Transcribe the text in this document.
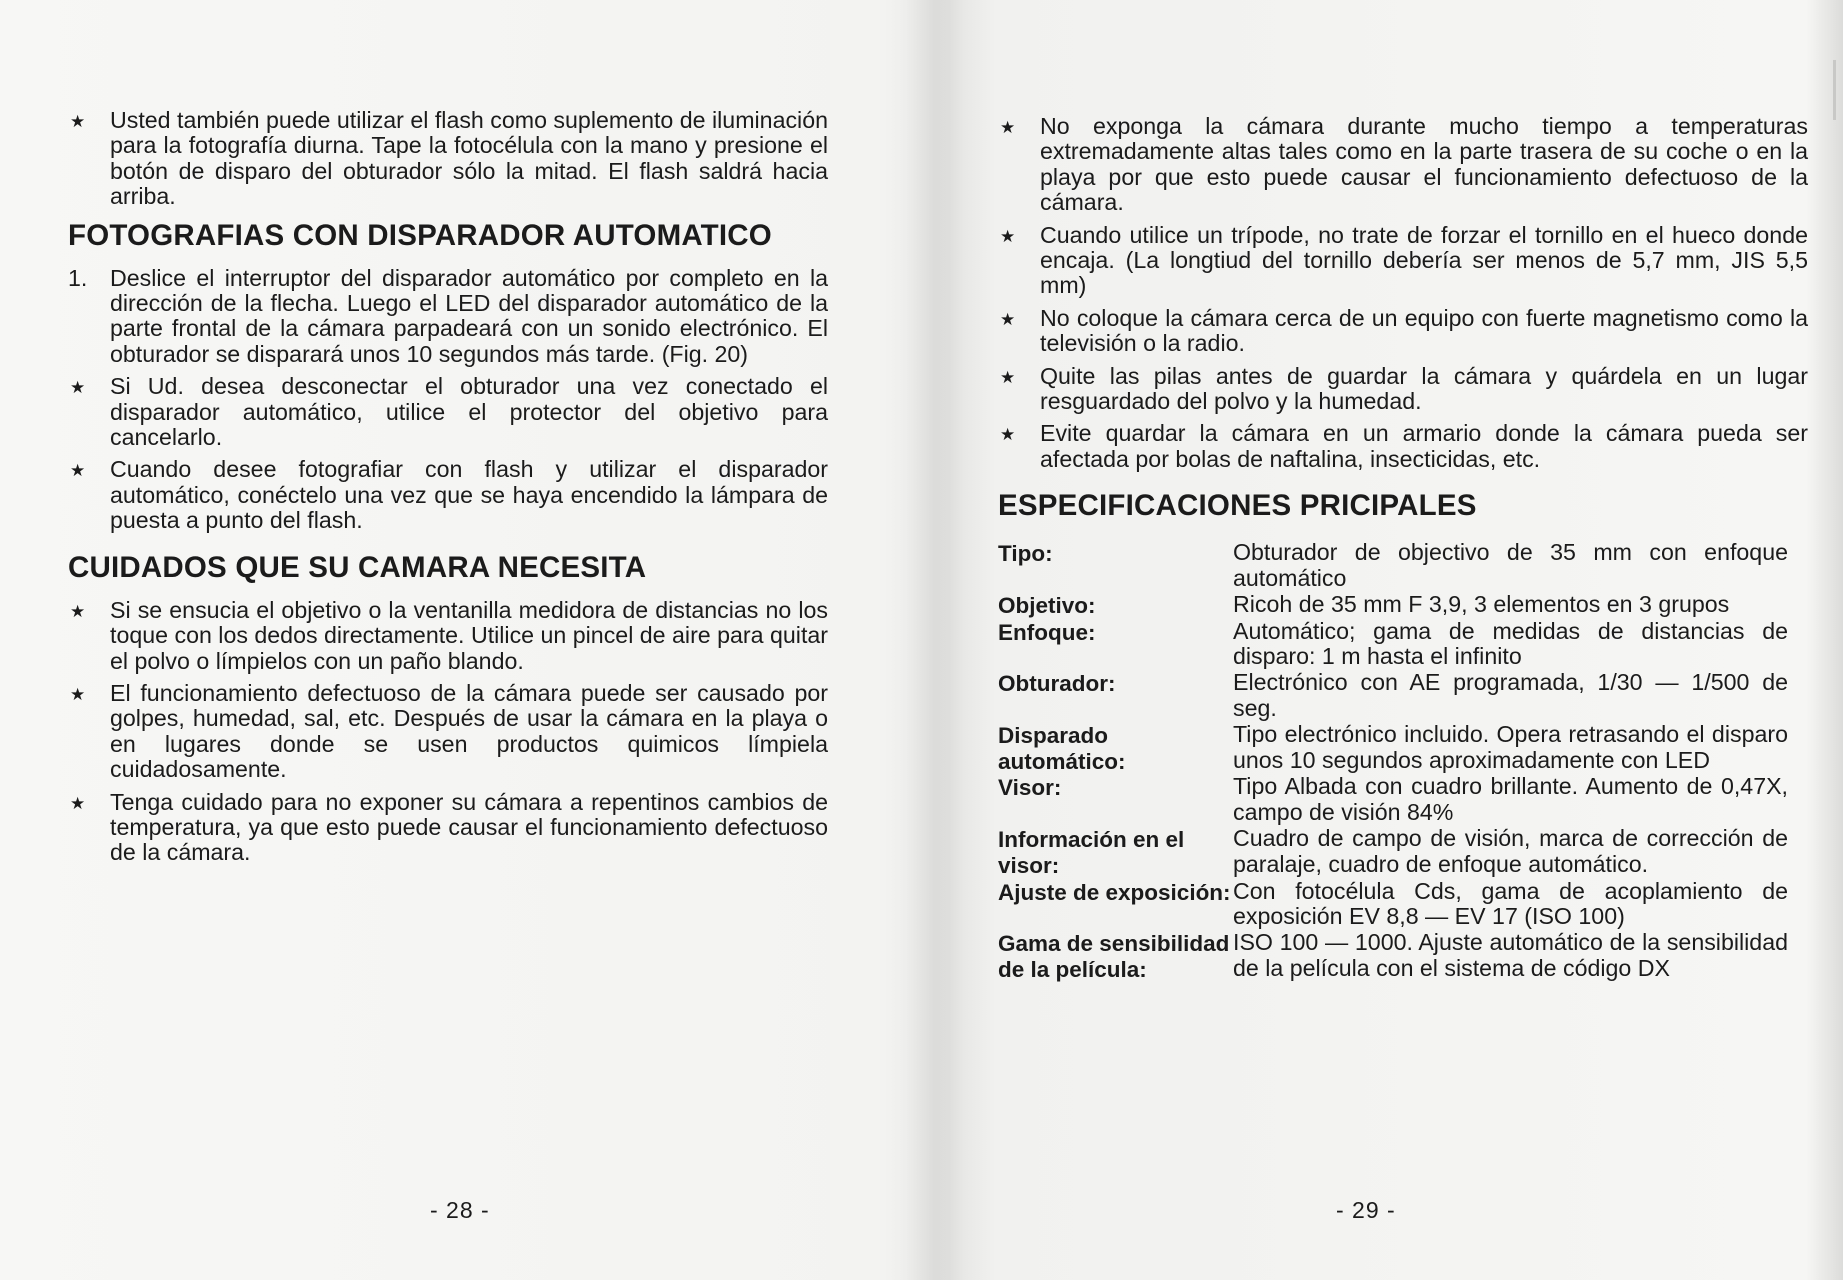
★	Usted también puede utilizar el flash como suplemento de iluminación para la fotografía diurna. Tape la fotocélula con la mano y presione el botón de disparo del obturador sólo la mitad. El flash saldrá hacia arriba.
FOTOGRAFIAS CON DISPARADOR AUTOMATICO
1. Deslice el interruptor del disparador automático por completo en la dirección de la flecha. Luego el LED del disparador automático de la parte frontal de la cámara parpadeará con un sonido electrónico. El obturador se disparará unos 10 segundos más tarde. (Fig. 20)
★	Si Ud. desea desconectar el obturador una vez conectado el disparador automático, utilice el protector del objetivo para cancelarlo.
★	Cuando desee fotografiar con flash y utilizar el disparador automático, conéctelo una vez que se haya encendido la lámpara de puesta a punto del flash.
CUIDADOS QUE SU CAMARA NECESITA
★	Si se ensucia el objetivo o la ventanilla medidora de distancias no los toque con los dedos directamente. Utilice un pincel de aire para quitar el polvo o límpielos con un paño blando.
★	El funcionamiento defectuoso de la cámara puede ser causado por golpes, humedad, sal, etc. Después de usar la cámara en la playa o en lugares donde se usen productos quimicos límpiela cuidadosamente.
★	Tenga cuidado para no exponer su cámara a repentinos cambios de temperatura, ya que esto puede causar el funcionamiento defectuoso de la cámara.
- 28 -
★	No exponga la cámara durante mucho tiempo a temperaturas extremadamente altas tales como en la parte trasera de su coche o en la playa por que esto puede causar el funcionamiento defectuoso de la cámara.
★	Cuando utilice un trípode, no trate de forzar el tornillo en el hueco donde encaja. (La longtiud del tornillo debería ser menos de 5,7 mm, JIS 5,5 mm)
★	No coloque la cámara cerca de un equipo con fuerte magnetismo como la televisión o la radio.
★	Quite las pilas antes de guardar la cámara y quárdela en un lugar resguardado del polvo y la humedad.
★	Evite quardar la cámara en un armario donde la cámara pueda ser afectada por bolas de naftalina, insecticidas, etc.
ESPECIFICACIONES PRICIPALES
Tipo:	Obturador de objectivo de 35 mm con enfoque automático
Objetivo:	Ricoh de 35 mm F 3,9, 3 elementos en 3 grupos
Enfoque:	Automático; gama de medidas de distancias de disparo: 1 m hasta el infinito
Obturador:	Electrónico con AE programada, 1/30 — 1/500 de seg.
Disparado automático:
Tipo electrónico incluido. Opera retrasando el disparo unos 10 segundos aproximadamente con LED
Visor:	Tipo Albada con cuadro brillante. Aumento de 0,47X, campo de visión 84%
Información en el visor:
Cuadro de campo de visión, marca de corrección de paralaje, cuadro de enfoque automático.
Ajuste de exposición: Con fotocélula Cds, gama de acoplamiento de exposición EV 8,8 — EV 17 (ISO 100)
Gama de sensibilidad de la película:
ISO 100 — 1000. Ajuste automático de la sensibilidad de la película con el sistema de código DX
- 29 -
